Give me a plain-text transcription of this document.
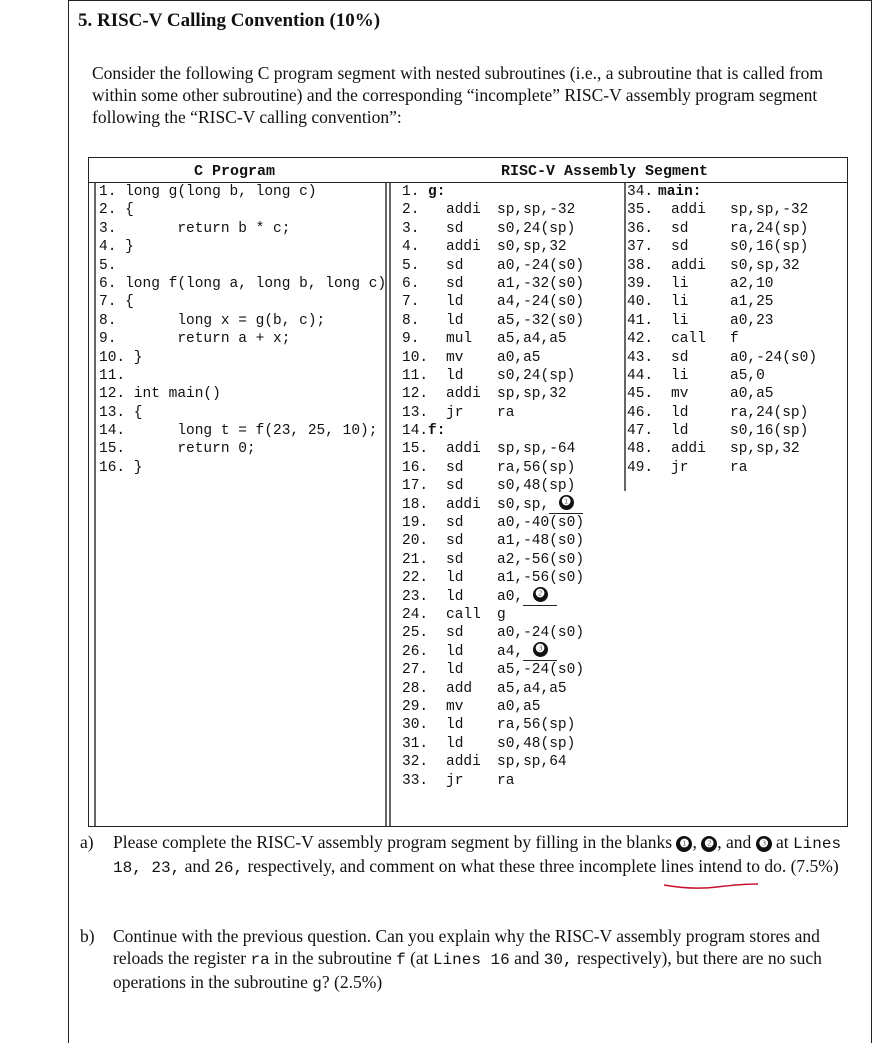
5. RISC-V Calling Convention (10%)
Consider the following C program segment with nested subroutines (i.e., a subroutine that is called from within some other subroutine) and the corresponding “incomplete” RISC-V assembly program segment following the “RISC-V calling convention”:
C Program	RISC-V Assembly Segment
1. long g(long b, long c)
2. {
3.       return b * c;
4. }
5.
6. long f(long a, long b, long c)
7. {
8.       long x = g(b, c);
9.       return a + x;
10. }
11.
12. int main()
13. {
14.      long t = f(23, 25, 10);
15.      return 0;
16. }
1. g:
2. addi sp,sp,-32
3. sd s0,24(sp)
4. addi s0,sp,32
5. sd a0,-24(s0)
6. sd a1,-32(s0)
7. ld a4,-24(s0)
8. ld a5,-32(s0)
9. mul a5,a4,a5
10. mv a0,a5
11. ld s0,24(sp)
12. addi sp,sp,32
13. jr ra
14. f:
15. addi sp,sp,-64
16. sd ra,56(sp)
17. sd s0,48(sp)
18. addi s0,sp, ❶
19. sd a0,-40(s0)
20. sd a1,-48(s0)
21. sd a2,-56(s0)
22. ld a1,-56(s0)
23. ld a0, ❷
24. call g
25. sd a0,-24(s0)
26. ld a4, ❸
27. ld a5,-24(s0)
28. add a5,a4,a5
29. mv a0,a5
30. ld ra,56(sp)
31. ld s0,48(sp)
32. addi sp,sp,64
33. jr ra
34. main:
35. addi sp,sp,-32
36. sd	ra,24(sp)
37. sd	s0,16(sp)
38. addi s0,sp,32
39. li	a2,10
40. li	a1,25
41. li	a0,23
42. call f
43. sd	a0,-24(s0)
44. li	a5,0
45. mv	a0,a5
46. ld	ra,24(sp)
47. ld	s0,16(sp)
48. addi sp,sp,32
49. jr	ra
a) Please complete the RISC-V assembly program segment by filling in the blanks ❶ , ❷ , and ❸ at Lines 18, 23, and 26, respectively, and comment on what these three incomplete lines intend to do. (7.5%)
b) Continue with the previous question. Can you explain why the RISC-V assembly program stores and reloads the register ra in the subroutine f (at Lines 16 and 30, respectively), but there are no such operations in the subroutine g? (2.5%)
